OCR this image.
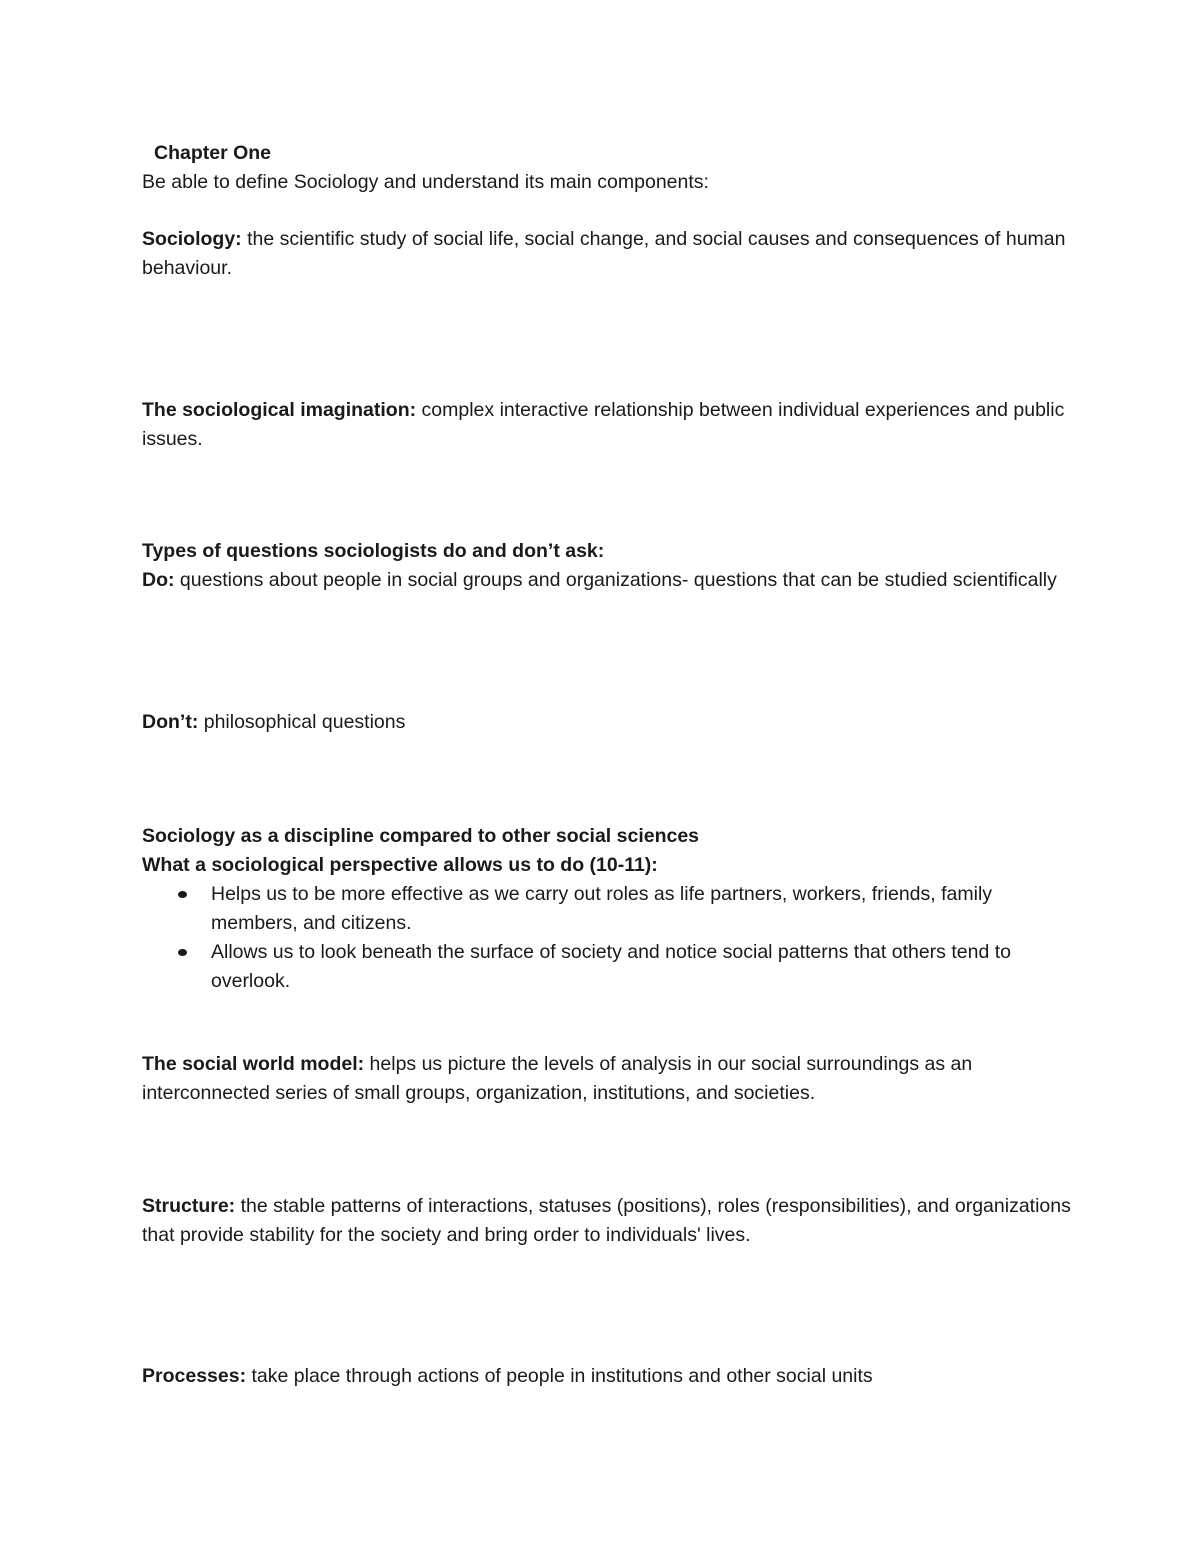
Chapter One

Be able to define Sociology and understand its main components:

Sociology: the scientific study of social life, social change, and social causes and consequences of human behaviour.

The sociological imagination: complex interactive relationship between individual experiences and public issues.

Types of questions sociologists do and don’t ask:

Do: questions about people in social groups and organizations- questions that can be studied scientifically

Don’t: philosophical questions

Sociology as a discipline compared to other social sciences

What a sociological perspective allows us to do (10-11):

Helps us to be more effective as we carry out roles as life partners, workers, friends, family members, and citizens.
Allows us to look beneath the surface of society and notice social patterns that others tend to overlook.

The social world model: helps us picture the levels of analysis in our social surroundings as an interconnected series of small groups, organization, institutions, and societies.

Structure: the stable patterns of interactions, statuses (positions), roles (responsibilities), and organizations that provide stability for the society and bring order to individuals' lives.

Processes: take place through actions of people in institutions and other social units
